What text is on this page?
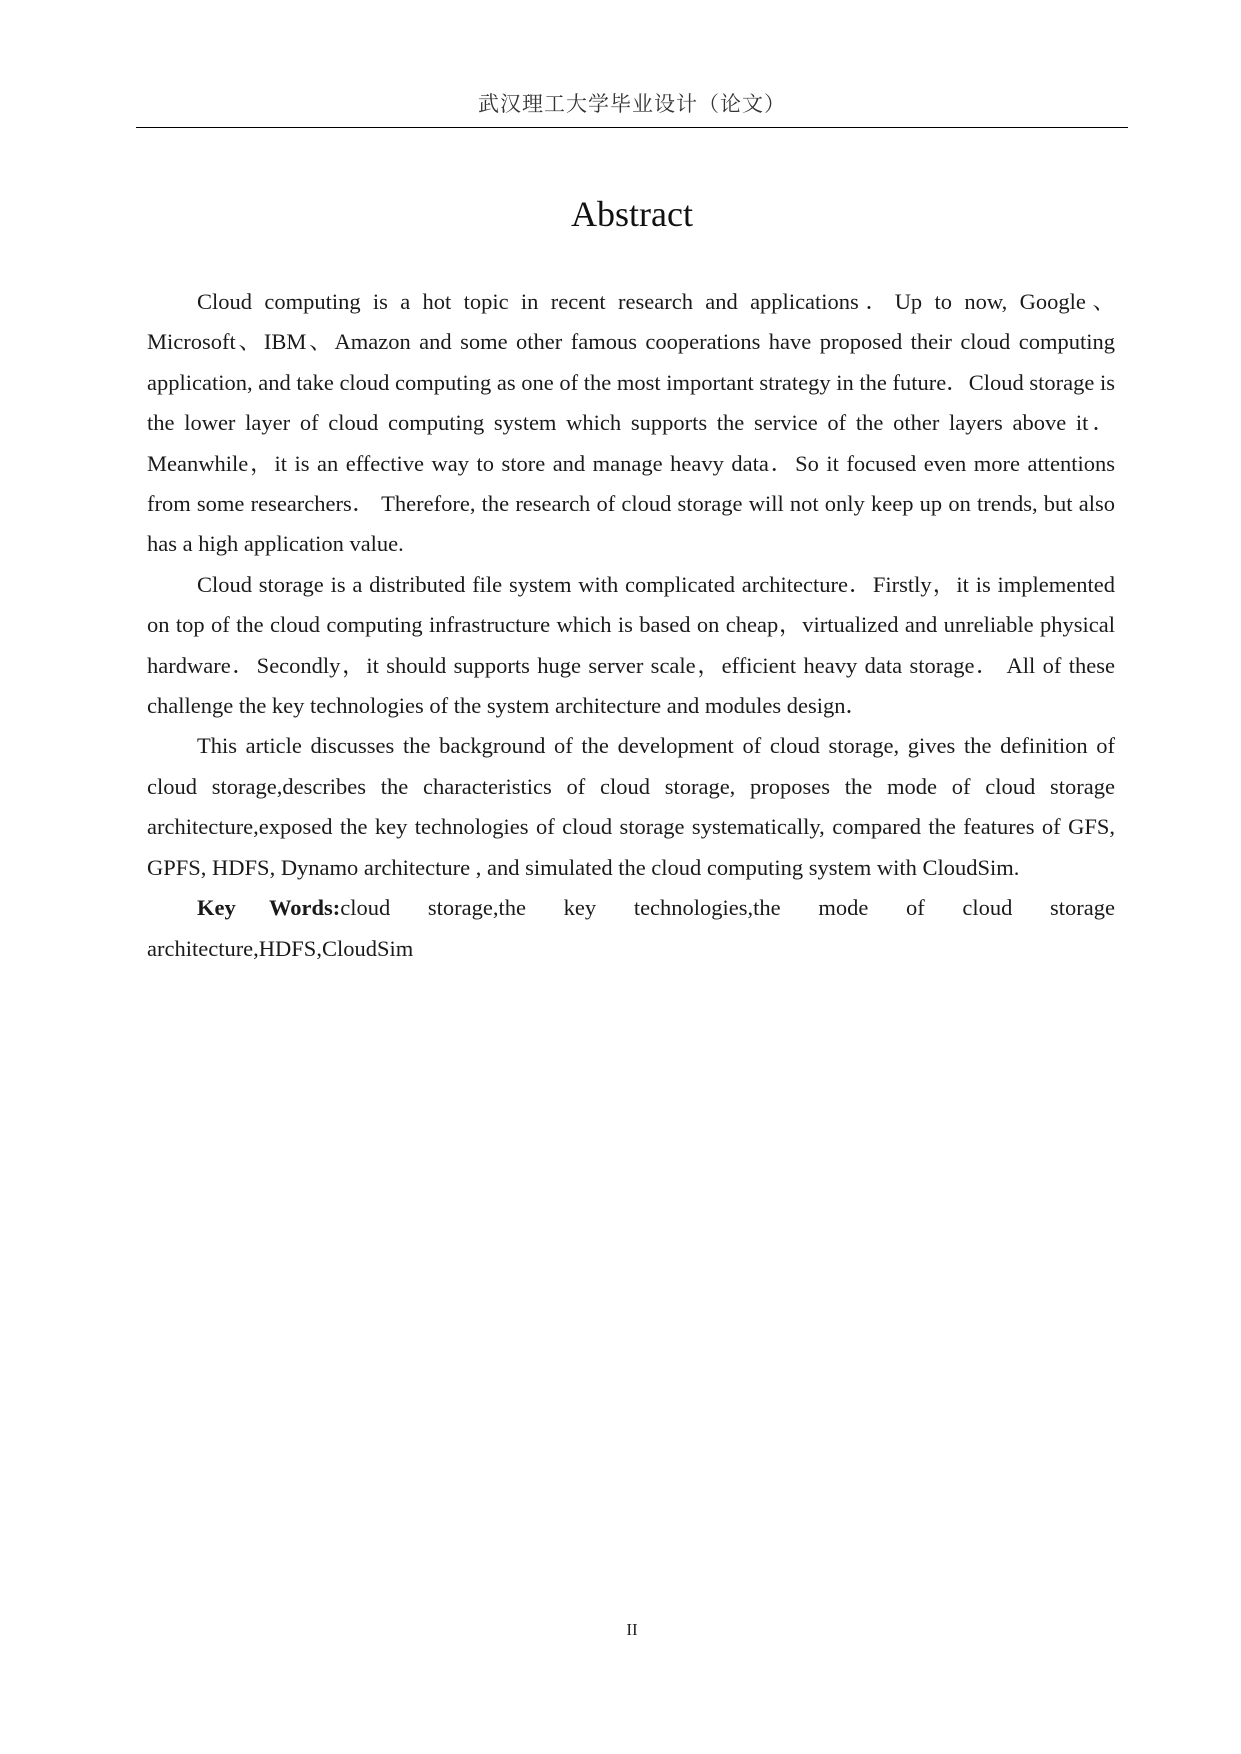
武汉理工大学毕业设计（论文）
Abstract

Cloud computing is a hot topic in recent research and applications．Up to now, Google、Microsoft、IBM、Amazon and some other famous cooperations have proposed their cloud computing application, and take cloud computing as one of the most important strategy in the future．Cloud storage is the lower layer of cloud computing system which supports the service of the other layers above it．Meanwhile，it is an effective way to store and manage heavy data．So it focused even more attentions from some researchers． Therefore, the research of cloud storage will not only keep up on trends, but also has a high application value.

Cloud storage is a distributed file system with complicated architecture．Firstly，it is implemented on top of the cloud computing infrastructure which is based on cheap，virtualized and unreliable physical hardware．Secondly，it should supports huge server scale，efficient heavy data storage． All of these challenge the key technologies of the system architecture and modules design．

This article discusses the background of the development of cloud storage, gives the definition of cloud storage,describes the characteristics of cloud storage, proposes the mode of cloud storage architecture,exposed the key technologies of cloud storage systematically, compared the features of GFS, GPFS, HDFS, Dynamo architecture , and simulated the cloud computing system with CloudSim.

Key Words:cloud storage,the key technologies,the mode of cloud storage architecture,HDFS,CloudSim

II
